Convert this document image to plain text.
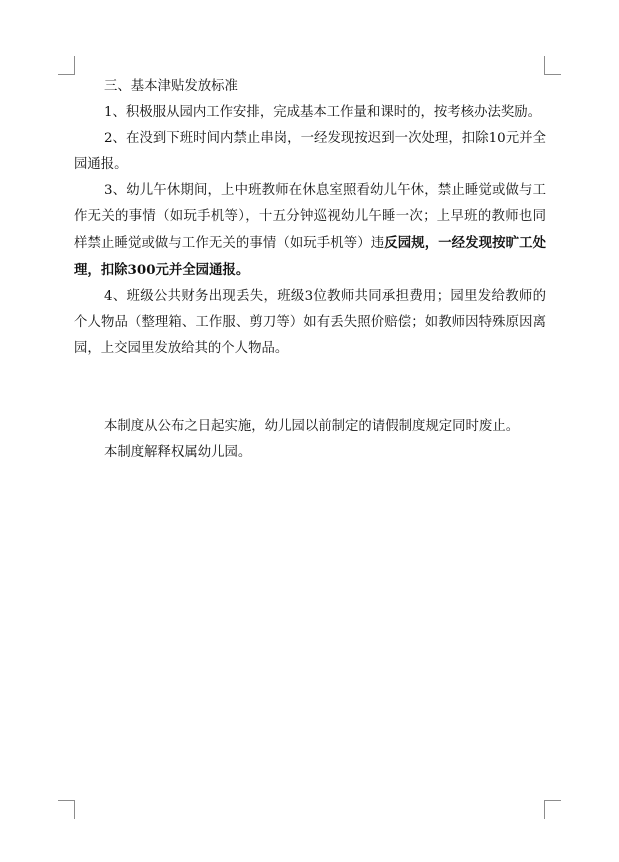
三、基本津贴发放标准

1、积极服从园内工作安排，完成基本工作量和课时的，按考核办法奖励。

2、在没到下班时间内禁止串岗，一经发现按迟到一次处理，扣除10元并全园通报。

3、幼儿午休期间，上中班教师在休息室照看幼儿午休，禁止睡觉或做与工作无关的事情（如玩手机等），十五分钟巡视幼儿午睡一次；上早班的教师也同样禁止睡觉或做与工作无关的事情（如玩手机等）违反园规，一经发现按旷工处理，扣除300元并全园通报。

4、班级公共财务出现丢失，班级3位教师共同承担费用；园里发给教师的个人物品（整理箱、工作服、剪刀等）如有丢失照价赔偿；如教师因特殊原因离园，上交园里发放给其的个人物品。

本制度从公布之日起实施，幼儿园以前制定的请假制度规定同时废止。

本制度解释权属幼儿园。
